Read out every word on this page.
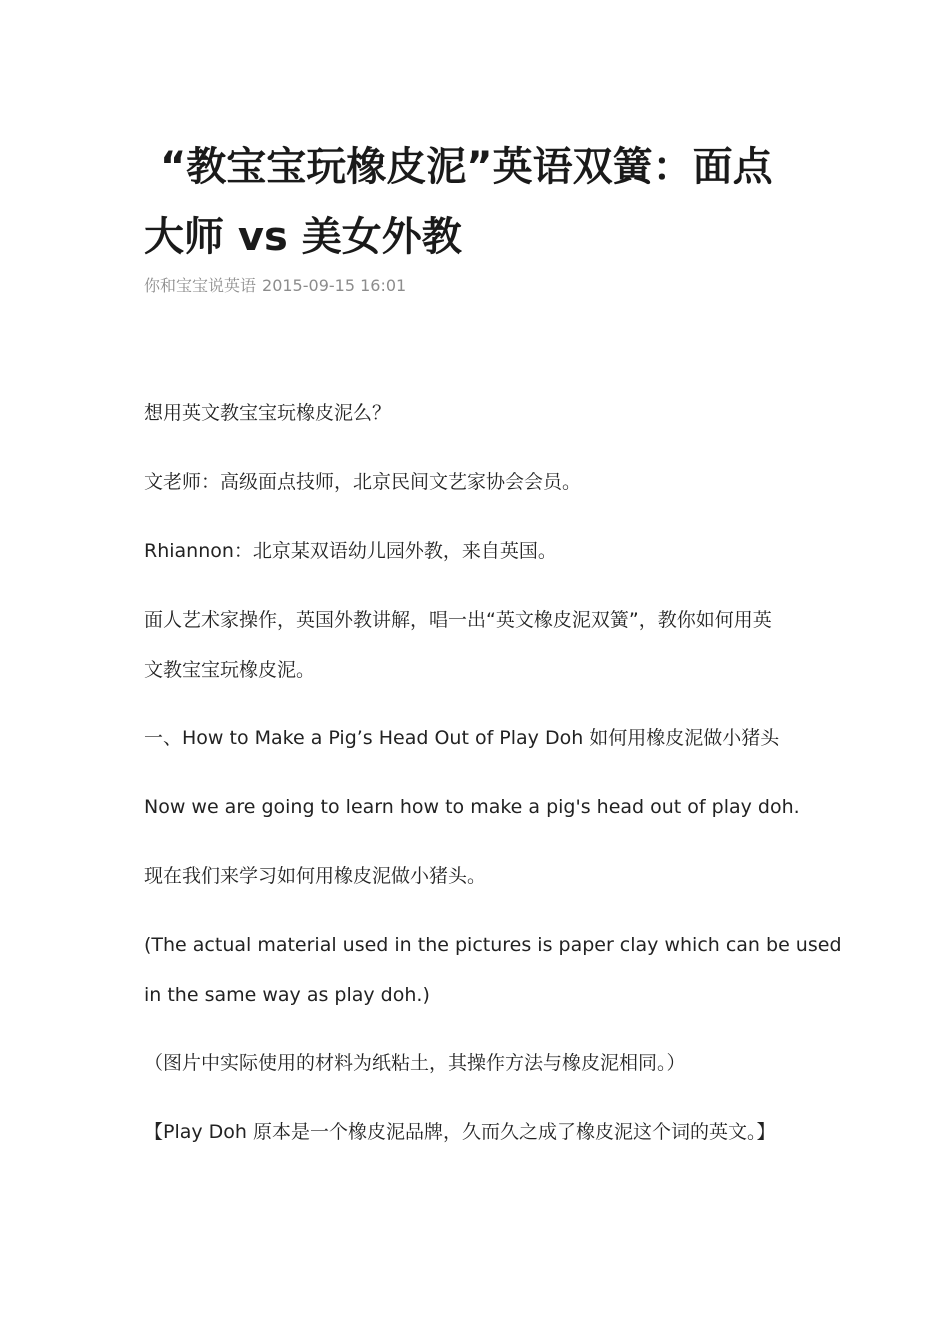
“教宝宝玩橡皮泥”英语双簧：面点
大师 vs 美女外教
你和宝宝说英语 2015-09-15 16:01

想用英文教宝宝玩橡皮泥么？

文老师：高级面点技师，北京民间文艺家协会会员。

Rhiannon：北京某双语幼儿园外教，来自英国。

面人艺术家操作，英国外教讲解，唱一出“英文橡皮泥双簧”，教你如何用英
文教宝宝玩橡皮泥。

一、How to Make a Pig’s Head Out of Play Doh 如何用橡皮泥做小猪头

Now we are going to learn how to make a pig's head out of play doh.

现在我们来学习如何用橡皮泥做小猪头。

(The actual material used in the pictures is paper clay which can be used
in the same way as play doh.)

（图片中实际使用的材料为纸粘土，其操作方法与橡皮泥相同。）

【Play Doh 原本是一个橡皮泥品牌，久而久之成了橡皮泥这个词的英文。】
